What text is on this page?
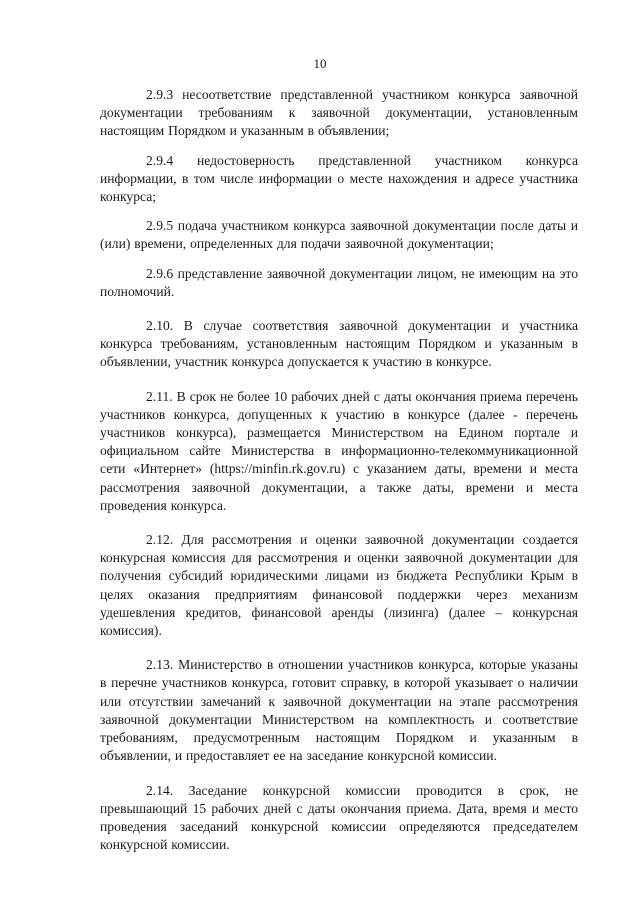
10

2.9.3 несоответствие представленной участником конкурса заявочной документации требованиям к заявочной документации, установленным настоящим Порядком и указанным в объявлении;

2.9.4 недостоверность представленной участником конкурса информации, в том числе информации о месте нахождения и адресе участника конкурса;

2.9.5 подача участником конкурса заявочной документации после даты и (или) времени, определенных для подачи заявочной документации;

2.9.6 представление заявочной документации лицом, не имеющим на это полномочий.

2.10. В случае соответствия заявочной документации и участника конкурса требованиям, установленным настоящим Порядком и указанным в объявлении, участник конкурса допускается к участию в конкурсе.

2.11. В срок не более 10 рабочих дней с даты окончания приема перечень участников конкурса, допущенных к участию в конкурсе (далее - перечень участников конкурса), размещается Министерством на Едином портале и официальном сайте Министерства в информационно-телекоммуникационной сети «Интернет» (https://minfin.rk.gov.ru) с указанием даты, времени и места рассмотрения заявочной документации, а также даты, времени и места проведения конкурса.

2.12. Для рассмотрения и оценки заявочной документации создается конкурсная комиссия для рассмотрения и оценки заявочной документации для получения субсидий юридическими лицами из бюджета Республики Крым в целях оказания предприятиям финансовой поддержки через механизм удешевления кредитов, финансовой аренды (лизинга) (далее – конкурсная комиссия).

2.13. Министерство в отношении участников конкурса, которые указаны в перечне участников конкурса, готовит справку, в которой указывает о наличии или отсутствии замечаний к заявочной документации на этапе рассмотрения заявочной документации Министерством на комплектность и соответствие требованиям, предусмотренным настоящим Порядком и указанным в объявлении, и предоставляет ее на заседание конкурсной комиссии.

2.14. Заседание конкурсной комиссии проводится в срок, не превышающий 15 рабочих дней с даты окончания приема. Дата, время и место проведения заседаний конкурсной комиссии определяются председателем конкурсной комиссии.
